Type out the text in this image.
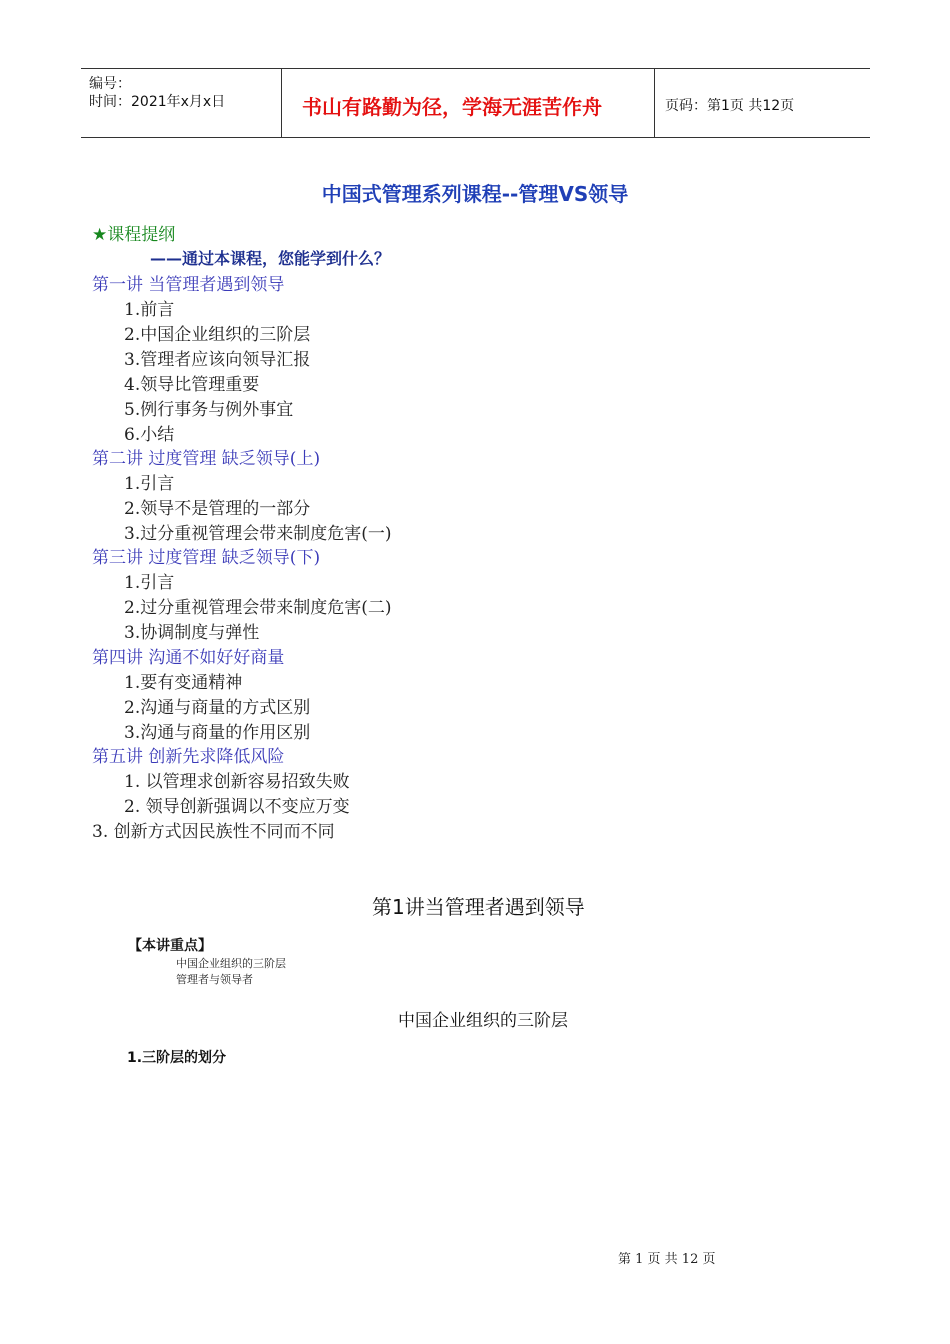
编号：
时间：2021年x月x日	书山有路勤为径，学海无涯苦作舟	页码：第1页 共12页
中国式管理系列课程--管理VS领导
★课程提纲
——通过本课程，您能学到什么？
第一讲 当管理者遇到领导
1.前言
2.中国企业组织的三阶层
3.管理者应该向领导汇报
4.领导比管理重要
5.例行事务与例外事宜
6.小结
第二讲 过度管理 缺乏领导(上)
1.引言
2.领导不是管理的一部分
3.过分重视管理会带来制度危害(一)
第三讲 过度管理 缺乏领导(下)
1.引言
2.过分重视管理会带来制度危害(二)
3.协调制度与弹性
第四讲 沟通不如好好商量
1.要有变通精神
2.沟通与商量的方式区别
3.沟通与商量的作用区别
第五讲 创新先求降低风险
1. 以管理求创新容易招致失败
2. 领导创新强调以不变应万变
3. 创新方式因民族性不同而不同
第1讲当管理者遇到领导
【本讲重点】
中国企业组织的三阶层
管理者与领导者
中国企业组织的三阶层
1.三阶层的划分
第 1 页 共 12 页
